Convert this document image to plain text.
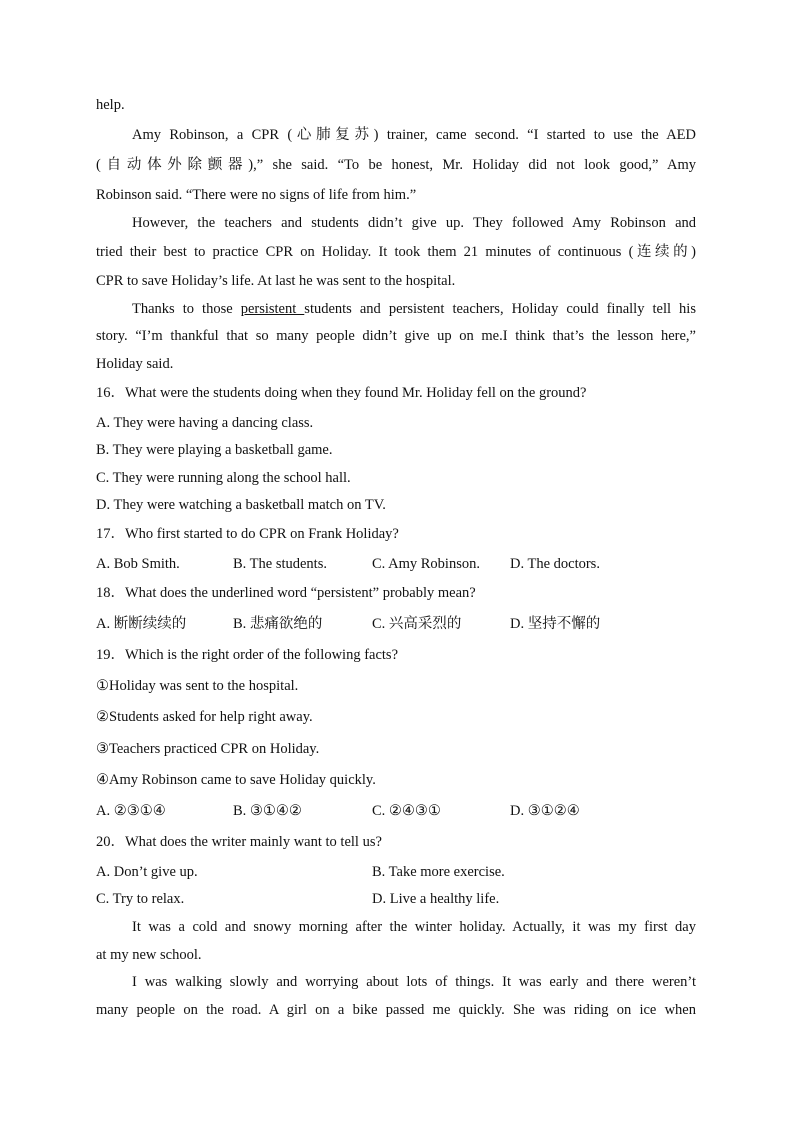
help.
Amy Robinson, a CPR (心肺复苏) trainer, came second. “I started to use the AED
(自动体外除颤器),” she said. “To be honest, Mr. Holiday did not look good,” Amy
Robinson said. “There were no signs of life from him.”
However, the teachers and students didn’t give up. They followed Amy Robinson and
tried their best to practice CPR on Holiday. It took them 21 minutes of continuous (连续的)
CPR to save Holiday’s life. At last he was sent to the hospital.
Thanks to those persistent students and persistent teachers, Holiday could finally tell his
story. “I’m thankful that so many people didn’t give up on me.I think that’s the lesson here,”
Holiday said.
16．What were the students doing when they found Mr. Holiday fell on the ground?
A. They were having a dancing class.
B. They were playing a basketball game.
C. They were running along the school hall.
D. They were watching a basketball match on TV.
17．Who first started to do CPR on Frank Holiday?
A. Bob Smith.	B. The students.	C. Amy Robinson. D. The doctors.
18．What does the underlined word “persistent” probably mean?
A. 断断续续的	B. 悲痛欲绝的	C. 兴高采烈的	D. 坚持不懈的
19．Which is the right order of the following facts?
①Holiday was sent to the hospital.
②Students asked for help right away.
③Teachers practiced CPR on Holiday.
④Amy Robinson came to save Holiday quickly.
A. ②③①④	B. ③①④②	C. ②④③①	D. ③①②④
20．What does the writer mainly want to tell us?
A. Don’t give up.	B. Take more exercise.
C. Try to relax.	D. Live a healthy life.
It was a cold and snowy morning after the winter holiday. Actually, it was my first day
at my new school.
I was walking slowly and worrying about lots of things. It was early and there weren’t
many people on the road. A girl on a bike passed me quickly. She was riding on ice when
